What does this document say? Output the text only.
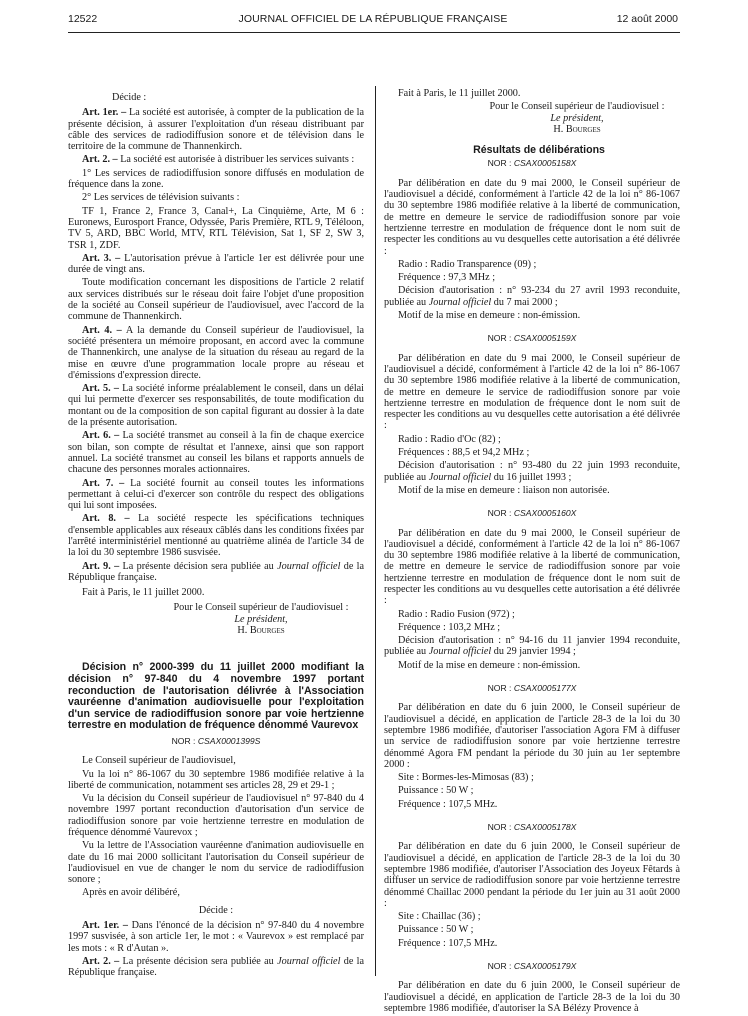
12522	JOURNAL OFFICIEL DE LA RÉPUBLIQUE FRANÇAISE	12 août 2000

Décide :

Art. 1er. – La société est autorisée, à compter de la publication de la présente décision, à assurer l'exploitation d'un réseau distribuant par câble des services de radiodiffusion sonore et de télévision dans le territoire de la commune de Thannenkirch.

Art. 2. – La société est autorisée à distribuer les services suivants :

1° Les services de radiodiffusion sonore diffusés en modulation de fréquence dans la zone.

2° Les services de télévision suivants :

TF 1, France 2, France 3, Canal+, La Cinquième, Arte, M 6 : Euronews, Eurosport France, Odyssée, Paris Première, RTL 9, Téléloon, TV 5, ARD, BBC World, MTV, RTL Télévision, Sat 1, SF 2, SW 3, TSR 1, ZDF.

Art. 3. – L'autorisation prévue à l'article 1er est délivrée pour une durée de vingt ans.

Toute modification concernant les dispositions de l'article 2 relatif aux services distribués sur le réseau doit faire l'objet d'une proposition de la société au Conseil supérieur de l'audiovisuel, avec l'accord de la commune de Thannenkirch.

Art. 4. – A la demande du Conseil supérieur de l'audiovisuel, la société présentera un mémoire proposant, en accord avec la commune de Thannenkirch, une analyse de la situation du réseau au regard de la mise en œuvre d'une programmation locale propre au réseau et d'émissions d'expression directe.

Art. 5. – La société informe préalablement le conseil, dans un délai qui lui permette d'exercer ses responsabilités, de toute modification du montant ou de la composition de son capital figurant au dossier à la date de la présente autorisation.

Art. 6. – La société transmet au conseil à la fin de chaque exercice son bilan, son compte de résultat et l'annexe, ainsi que son rapport annuel. La société transmet au conseil les bilans et rapports annuels de chacune des personnes morales actionnaires.

Art. 7. – La société fournit au conseil toutes les informations permettant à celui-ci d'exercer son contrôle du respect des obligations qui lui sont imposées.

Art. 8. – La société respecte les spécifications techniques d'ensemble applicables aux réseaux câblés dans les conditions fixées par l'arrêté interministériel mentionné au quatrième alinéa de l'article 34 de la loi du 30 septembre 1986 susvisée.

Art. 9. – La présente décision sera publiée au Journal officiel de la République française.

Fait à Paris, le 11 juillet 2000.

Pour le Conseil supérieur de l'audiovisuel :

Le président,

H. Bourges

Décision n° 2000-399 du 11 juillet 2000 modifiant la décision n° 97-840 du 4 novembre 1997 portant reconduction de l'autorisation délivrée à l'Association vauréenne d'animation audiovisuelle pour l'exploitation d'un service de radiodiffusion sonore par voie hertzienne terrestre en modulation de fréquence dénommé Vaurevox

NOR : CSAX0001399S

Le Conseil supérieur de l'audiovisuel,

Vu la loi n° 86-1067 du 30 septembre 1986 modifiée relative à la liberté de communication, notamment ses articles 28, 29 et 29-1 ;

Vu la décision du Conseil supérieur de l'audiovisuel n° 97-840 du 4 novembre 1997 portant reconduction d'autorisation d'un service de radiodiffusion sonore par voie hertzienne terrestre en modulation de fréquence dénommé Vaurevox ;

Vu la lettre de l'Association vauréenne d'animation audiovisuelle en date du 16 mai 2000 sollicitant l'autorisation du Conseil supérieur de l'audiovisuel en vue de changer le nom du service de radiodiffusion sonore ;

Après en avoir délibéré,

Décide :

Art. 1er. – Dans l'énoncé de la décision n° 97-840 du 4 novembre 1997 susvisée, à son article 1er, le mot : « Vaurevox » est remplacé par les mots : « R d'Autan ».

Art. 2. – La présente décision sera publiée au Journal officiel de la République française.

Fait à Paris, le 11 juillet 2000.

Pour le Conseil supérieur de l'audiovisuel :

Le président,

H. Bourges

Résultats de délibérations

NOR : CSAX0005158X

Par délibération en date du 9 mai 2000, le Conseil supérieur de l'audiovisuel a décidé, conformément à l'article 42 de la loi n° 86-1067 du 30 septembre 1986 modifiée relative à la liberté de communication, de mettre en demeure le service de radiodiffusion sonore par voie hertzienne terrestre en modulation de fréquence dont le nom suit de respecter les conditions au vu desquelles cette autorisation a été délivrée :

Radio : Radio Transparence (09) ;

Fréquence : 97,3 MHz ;

Décision d'autorisation : n° 93-234 du 27 avril 1993 reconduite, publiée au Journal officiel du 7 mai 2000 ;

Motif de la mise en demeure : non-émission.

NOR : CSAX0005159X

Par délibération en date du 9 mai 2000, le Conseil supérieur de l'audiovisuel a décidé, conformément à l'article 42 de la loi n° 86-1067 du 30 septembre 1986 modifiée relative à la liberté de communication, de mettre en demeure le service de radiodiffusion sonore par voie hertzienne terrestre en modulation de fréquence dont le nom suit de respecter les conditions au vu desquelles cette autorisation a été délivrée :

Radio : Radio d'Oc (82) ;

Fréquences : 88,5 et 94,2 MHz ;

Décision d'autorisation : n° 93-480 du 22 juin 1993 reconduite, publiée au Journal officiel du 16 juillet 1993 ;

Motif de la mise en demeure : liaison non autorisée.

NOR : CSAX0005160X

Par délibération en date du 9 mai 2000, le Conseil supérieur de l'audiovisuel a décidé, conformément à l'article 42 de la loi n° 86-1067 du 30 septembre 1986 modifiée relative à la liberté de communication, de mettre en demeure le service de radiodiffusion sonore par voie hertzienne terrestre en modulation de fréquence dont le nom suit de respecter les conditions au vu desquelles cette autorisation a été délivrée :

Radio : Radio Fusion (972) ;

Fréquence : 103,2 MHz ;

Décision d'autorisation : n° 94-16 du 11 janvier 1994 reconduite, publiée au Journal officiel du 29 janvier 1994 ;

Motif de la mise en demeure : non-émission.

NOR : CSAX0005177X

Par délibération en date du 6 juin 2000, le Conseil supérieur de l'audiovisuel a décidé, en application de l'article 28-3 de la loi du 30 septembre 1986 modifiée, d'autoriser l'association Agora FM à diffuser un service de radiodiffusion sonore par voie hertzienne terrestre dénommé Agora FM pendant la période du 30 juin au 1er septembre 2000 :

Site : Bormes-les-Mimosas (83) ;

Puissance : 50 W ;

Fréquence : 107,5 MHz.

NOR : CSAX0005178X

Par délibération en date du 6 juin 2000, le Conseil supérieur de l'audiovisuel a décidé, en application de l'article 28-3 de la loi du 30 septembre 1986 modifiée, d'autoriser l'Association des Joyeux Fêtards à diffuser un service de radiodiffusion sonore par voie hertzienne terrestre dénommé Chaillac 2000 pendant la période du 1er juin au 31 août 2000 :

Site : Chaillac (36) ;

Puissance : 50 W ;

Fréquence : 107,5 MHz.

NOR : CSAX0005179X

Par délibération en date du 6 juin 2000, le Conseil supérieur de l'audiovisuel a décidé, en application de l'article 28-3 de la loi du 30 septembre 1986 modifiée, d'autoriser la SA Bélézy Provence à
